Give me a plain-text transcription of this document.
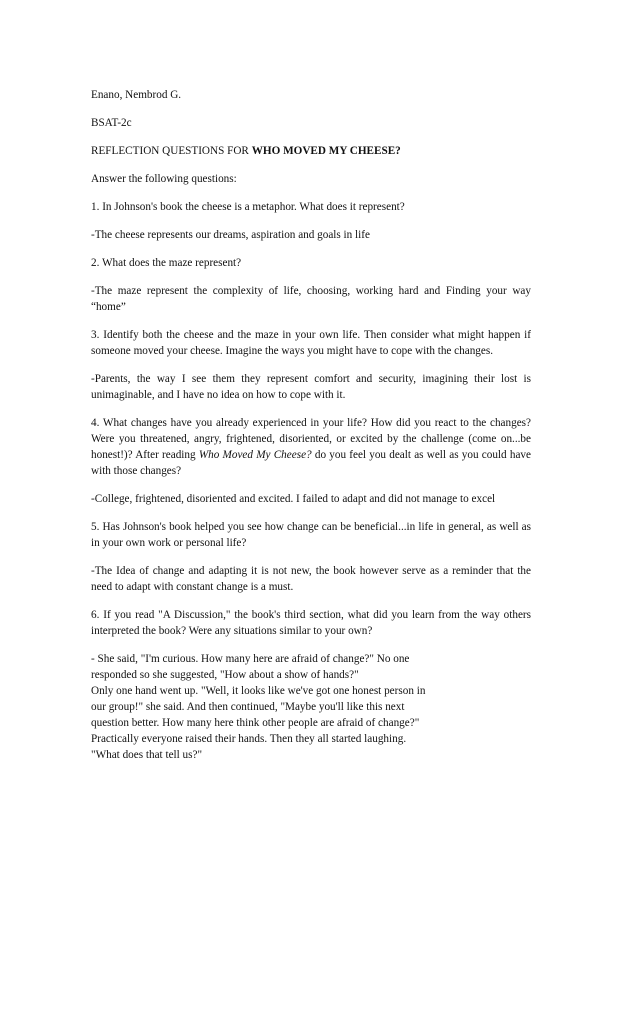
Enano, Nembrod G.

BSAT-2c

REFLECTION QUESTIONS FOR WHO MOVED MY CHEESE?

Answer the following questions:

1. In Johnson's book the cheese is a metaphor. What does it represent?

-The cheese represents our dreams, aspiration and goals in life

2. What does the maze represent?

-The maze represent the complexity of life, choosing, working hard and Finding your way “home”

3. Identify both the cheese and the maze in your own life. Then consider what might happen if someone moved your cheese. Imagine the ways you might have to cope with the changes.

-Parents, the way I see them they represent comfort and security, imagining their lost is unimaginable, and I have no idea on how to cope with it.

4. What changes have you already experienced in your life? How did you react to the changes? Were you threatened, angry, frightened, disoriented, or excited by the challenge (come on...be honest!)? After reading Who Moved My Cheese? do you feel you dealt as well as you could have with those changes?

-College, frightened, disoriented and excited. I failed to adapt and did not manage to excel

5. Has Johnson's book helped you see how change can be beneficial...in life in general, as well as in your own work or personal life?

-The Idea of change and adapting it is not new, the book however serve as a reminder that the need to adapt with constant change is a must.

6. If you read "A Discussion," the book's third section, what did you learn from the way others interpreted the book? Were any situations similar to your own?

- She said, "I'm curious. How many here are afraid of change?" No one
responded so she suggested, "How about a show of hands?"
Only one hand went up. "Well, it looks like we've got one honest person in
our group!" she said. And then continued, "Maybe you'll like this next
question better. How many here think other people are afraid of change?"
Practically everyone raised their hands. Then they all started laughing.
"What does that tell us?"
